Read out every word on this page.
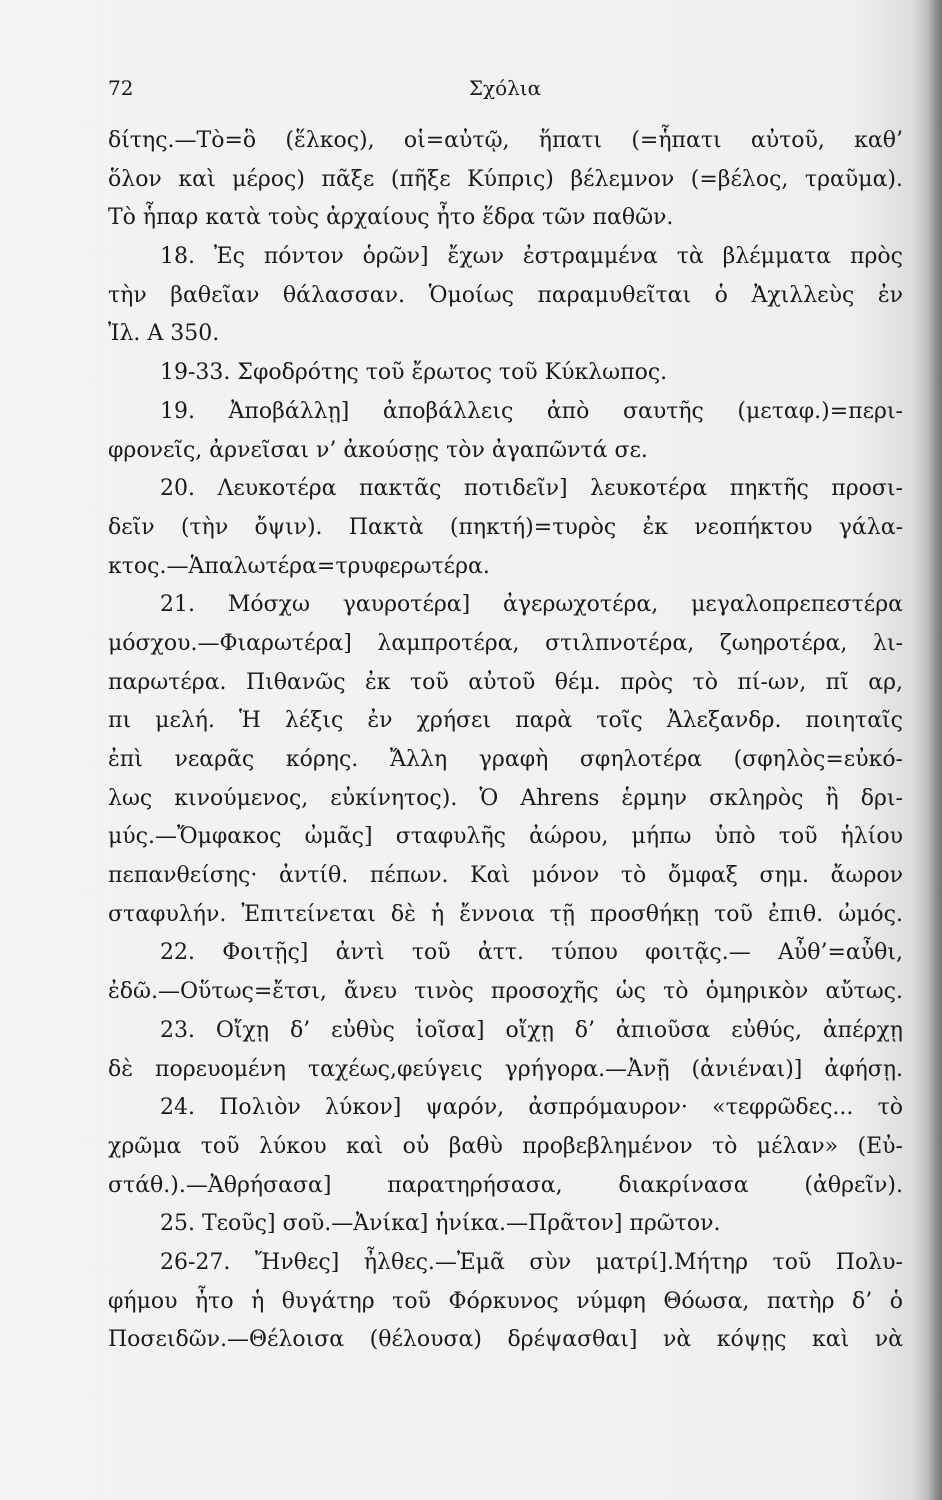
72	Σχόλια
δίτης.—Τὸ=ὃ (ἕλκος), οἱ=αὐτῷ, ἥπατι (=ἧπατι αὐτοῦ, καθ’
ὅλον καὶ μέρος) πᾶξε (πῆξε Κύπρις) βέλεμνον (=βέλος, τραῦμα).
Τὸ ἧπαρ κατὰ τοὺς ἀρχαίους ἦτο ἕδρα τῶν παθῶν.
18. Ἐς πόντον ὁρῶν] ἔχων ἐστραμμένα τὰ βλέμματα πρὸς
τὴν βαθεῖαν θάλασσαν. Ὁμοίως παραμυθεῖται ὁ Ἀχιλλεὺς ἐν
Ἰλ. Α 350.
19-33. Σφοδρότης τοῦ ἔρωτος τοῦ Κύκλωπος.
19. Ἀποβάλλῃ] ἀποβάλλεις ἀπὸ σαυτῆς (μεταφ.)=περι-
φρονεῖς, ἀρνεῖσαι ν’ ἀκούσῃς τὸν ἀγαπῶντά σε.
20. Λευκοτέρα πακτᾶς ποτιδεῖν] λευκοτέρα πηκτῆς προσι-
δεῖν (τὴν ὄψιν). Πακτὰ (πηκτή)=τυρὸς ἐκ νεοπήκτου γάλα-
κτος.—Ἁπαλωτέρα=τρυφερωτέρα.
21. Μόσχω γαυροτέρα] ἀγερωχοτέρα, μεγαλοπρεπεστέρα
μόσχου.—Φιαρωτέρα] λαμπροτέρα, στιλπνοτέρα, ζωηροτέρα, λι-
παρωτέρα. Πιθανῶς ἐκ τοῦ αὐτοῦ θέμ. πρὸς τὸ πί-ων, πῖ αρ,
πι μελή. Ἡ λέξις ἐν χρήσει παρὰ τοῖς Ἀλεξανδρ. ποιηταῖς
ἐπὶ νεαρᾶς κόρης. Ἄλλη γραφὴ σφηλοτέρα (σφηλὸς=εὐκό-
λως κινούμενος, εὐκίνητος). Ὁ Ahrens ἑρμην σκληρὸς ἢ δρι-
μύς.—Ὄμφακος ὠμᾶς] σταφυλῆς ἀώρου, μήπω ὑπὸ τοῦ ἡλίου
πεπανθείσης· ἀντίθ. πέπων. Καὶ μόνον τὸ ὄμφαξ σημ. ἄωρον
σταφυλήν. Ἐπιτείνεται δὲ ἡ ἔννοια τῇ προσθήκῃ τοῦ ἐπιθ. ὠμός.
22. Φοιτῇς] ἀντὶ τοῦ ἀττ. τύπου φοιτᾷς.— Αὖθ’=αὖθι,
ἐδῶ.—Οὕτως=ἔτσι, ἄνευ τινὸς προσοχῆς ὡς τὸ ὁμηρικὸν αὔτως.
23. Οἴχῃ δ’ εὐθὺς ἰοῖσα] οἴχῃ δ’ ἀπιοῦσα εὐθύς, ἀπέρχῃ
δὲ πορευομένη ταχέως,φεύγεις γρήγορα.—Ἀνῇ (ἀνιέναι)] ἀφήσῃ.
24. Πολιὸν λύκον] ψαρόν, ἀσπρόμαυρον· «τεφρῶδες... τὸ
χρῶμα τοῦ λύκου καὶ οὐ βαθὺ προβεβλημένον τὸ μέλαν» (Εὐ-
στάθ.).—Ἀθρήσασα] παρατηρήσασα, διακρίνασα (ἀθρεῖν).
25. Τεοῦς] σοῦ.—Ἀνίκα] ἡνίκα.—Πρᾶτον] πρῶτον.
26-27. Ἤνθες] ἦλθες.—Ἐμᾶ σὺν ματρί].Μήτηρ τοῦ Πολυ-
φήμου ἦτο ἡ θυγάτηρ τοῦ Φόρκυνος νύμφη Θόωσα, πατὴρ δ’ ὁ
Ποσειδῶν.—Θέλοισα (θέλουσα) δρέψασθαι] νὰ κόψῃς καὶ νὰ
